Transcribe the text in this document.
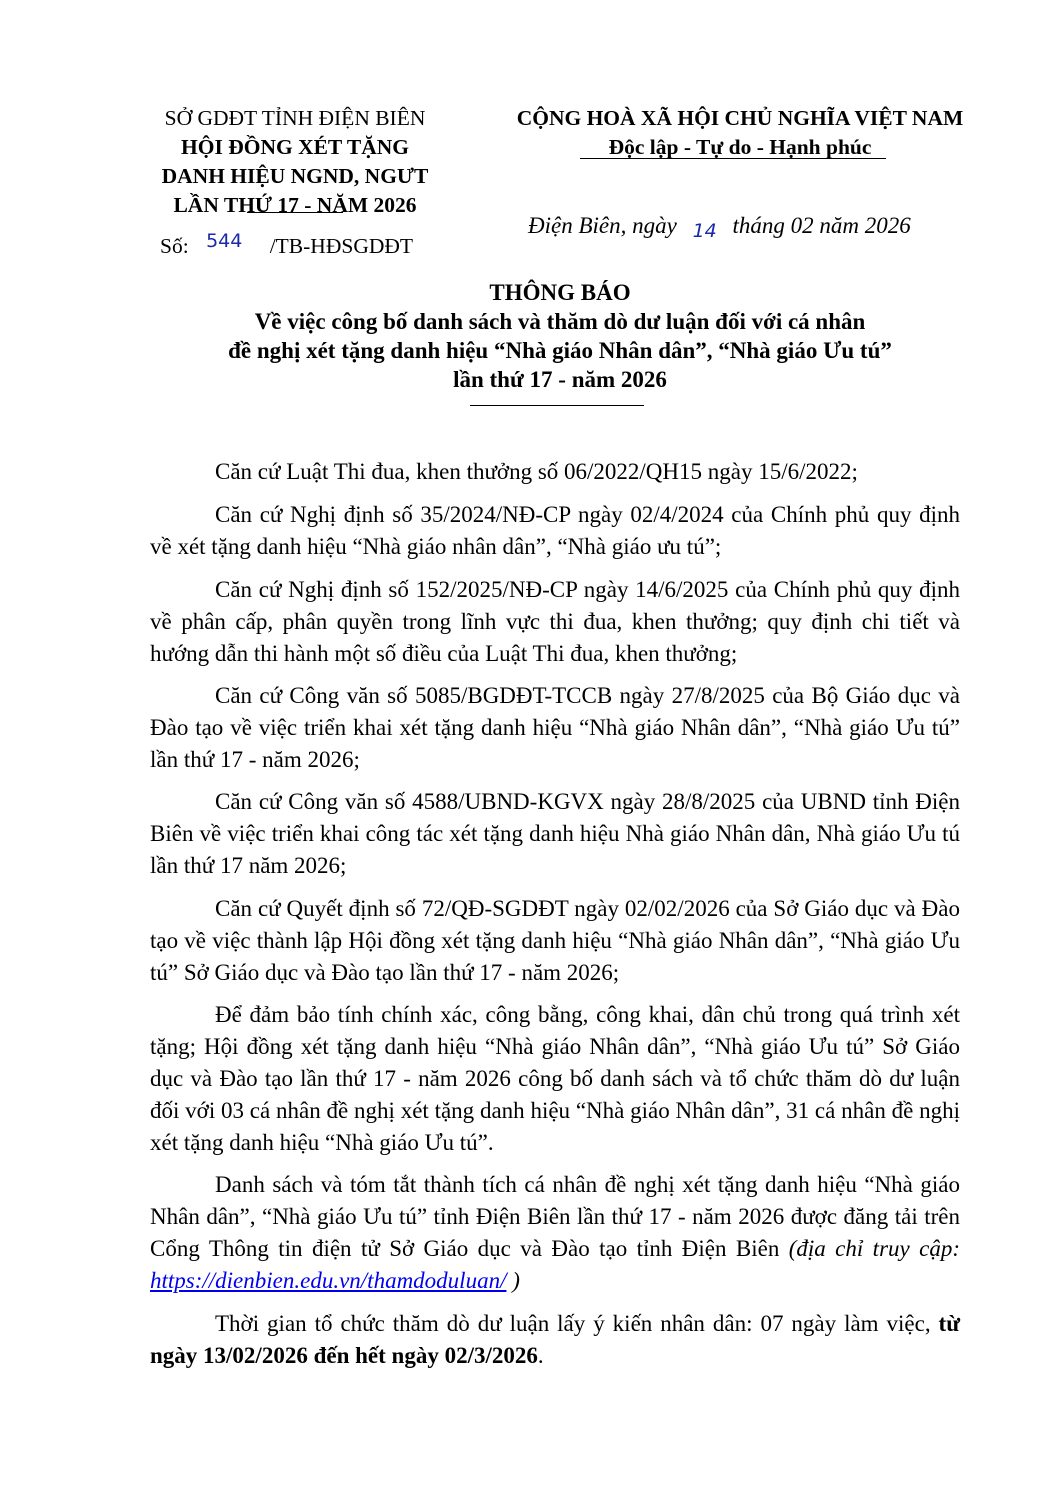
SỞ GDĐT TỈNH ĐIỆN BIÊN
HỘI ĐỒNG XÉT TẶNG
DANH HIỆU NGND, NGƯT
LẦN THỨ 17 - NĂM 2026
Số: 544 /TB-HĐSGDĐT
CỘNG HOÀ XÃ HỘI CHỦ NGHĨA VIỆT NAM
Độc lập - Tự do - Hạnh phúc
Điện Biên, ngày 14 tháng 02 năm 2026
THÔNG BÁO
Về việc công bố danh sách và thăm dò dư luận đối với cá nhân
đề nghị xét tặng danh hiệu “Nhà giáo Nhân dân”, “Nhà giáo Ưu tú”
lần thứ 17 - năm 2026
Căn cứ Luật Thi đua, khen thưởng số 06/2022/QH15 ngày 15/6/2022;
Căn cứ Nghị định số 35/2024/NĐ-CP ngày 02/4/2024 của Chính phủ quy định về xét tặng danh hiệu “Nhà giáo nhân dân”, “Nhà giáo ưu tú”;
Căn cứ Nghị định số 152/2025/NĐ-CP ngày 14/6/2025 của Chính phủ quy định về phân cấp, phân quyền trong lĩnh vực thi đua, khen thưởng; quy định chi tiết và hướng dẫn thi hành một số điều của Luật Thi đua, khen thưởng;
Căn cứ Công văn số 5085/BGDĐT-TCCB ngày 27/8/2025 của Bộ Giáo dục và Đào tạo về việc triển khai xét tặng danh hiệu “Nhà giáo Nhân dân”, “Nhà giáo Ưu tú” lần thứ 17 - năm 2026;
Căn cứ Công văn số 4588/UBND-KGVX ngày 28/8/2025 của UBND tỉnh Điện Biên về việc triển khai công tác xét tặng danh hiệu Nhà giáo Nhân dân, Nhà giáo Ưu tú lần thứ 17 năm 2026;
Căn cứ Quyết định số 72/QĐ-SGDĐT ngày 02/02/2026 của Sở Giáo dục và Đào tạo về việc thành lập Hội đồng xét tặng danh hiệu “Nhà giáo Nhân dân”, “Nhà giáo Ưu tú” Sở Giáo dục và Đào tạo lần thứ 17 - năm 2026;
Để đảm bảo tính chính xác, công bằng, công khai, dân chủ trong quá trình xét tặng; Hội đồng xét tặng danh hiệu “Nhà giáo Nhân dân”, “Nhà giáo Ưu tú” Sở Giáo dục và Đào tạo lần thứ 17 - năm 2026 công bố danh sách và tổ chức thăm dò dư luận đối với 03 cá nhân đề nghị xét tặng danh hiệu “Nhà giáo Nhân dân”, 31 cá nhân đề nghị xét tặng danh hiệu “Nhà giáo Ưu tú”.
Danh sách và tóm tắt thành tích cá nhân đề nghị xét tặng danh hiệu “Nhà giáo Nhân dân”, “Nhà giáo Ưu tú” tỉnh Điện Biên lần thứ 17 - năm 2026 được đăng tải trên Cổng Thông tin điện tử Sở Giáo dục và Đào tạo tỉnh Điện Biên (địa chỉ truy cập: https://dienbien.edu.vn/thamdoduluan/ )
Thời gian tổ chức thăm dò dư luận lấy ý kiến nhân dân: 07 ngày làm việc, từ ngày 13/02/2026 đến hết ngày 02/3/2026.
